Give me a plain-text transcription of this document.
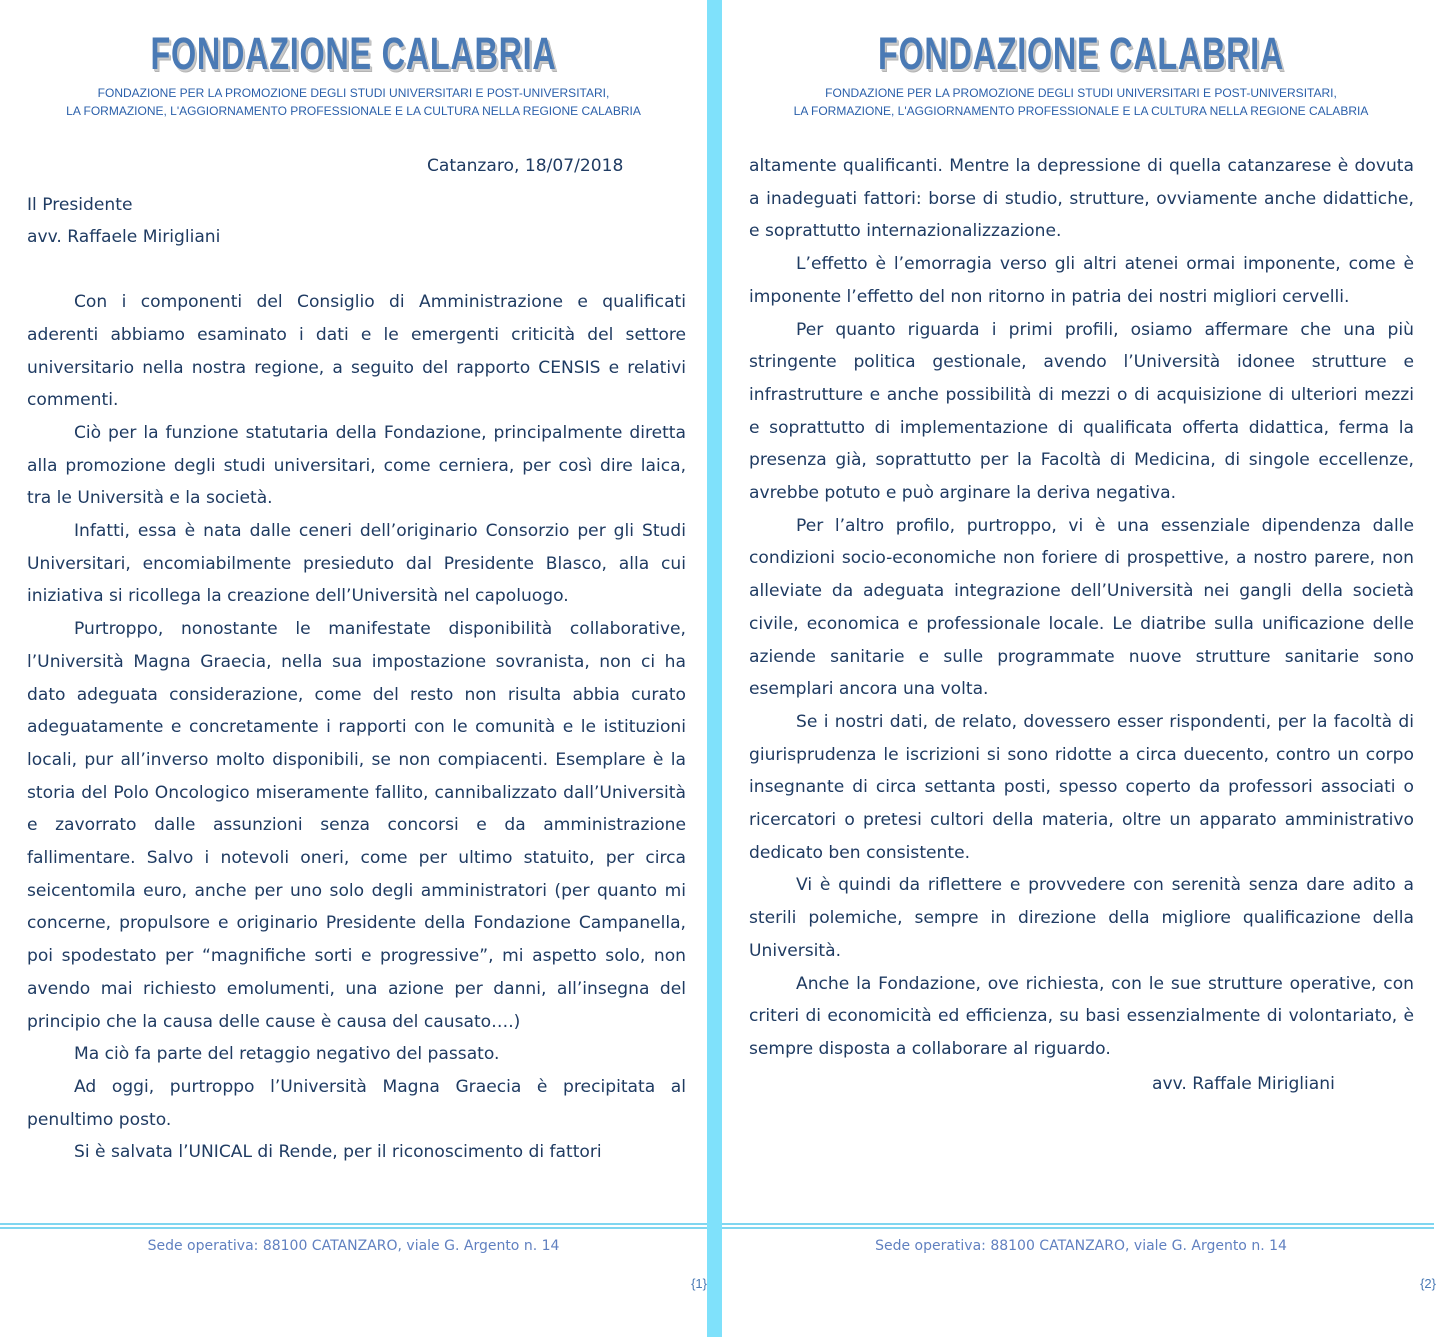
FONDAZIONE CALABRIA
FONDAZIONE PER LA PROMOZIONE DEGLI STUDI UNIVERSITARI E POST-UNIVERSITARI,
LA FORMAZIONE, L'AGGIORNAMENTO PROFESSIONALE E LA CULTURA NELLA REGIONE CALABRIA

Catanzaro, 18/07/2018

Il Presidente

avv. Raffaele Mirigliani

Con i componenti del Consiglio di Amministrazione e qualificati aderenti abbiamo esaminato i dati e le emergenti criticità del settore universitario nella nostra regione, a seguito del rapporto CENSIS e relativi commenti.

Ciò per la funzione statutaria della Fondazione, principalmente diretta alla promozione degli studi universitari, come cerniera, per così dire laica, tra le Università e la società.

Infatti, essa è nata dalle ceneri dell’originario Consorzio per gli Studi Universitari, encomiabilmente presieduto dal Presidente Blasco, alla cui iniziativa si ricollega la creazione dell’Università nel capoluogo.

Purtroppo, nonostante le manifestate disponibilità collaborative, l’Università Magna Graecia, nella sua impostazione sovranista, non ci ha dato adeguata considerazione, come del resto non risulta abbia curato adeguatamente e concretamente i rapporti con le comunità e le istituzioni locali, pur all’inverso molto disponibili, se non compiacenti. Esemplare è la storia del Polo Oncologico miseramente fallito, cannibalizzato dall’Università e zavorrato dalle assunzioni senza concorsi e da amministrazione fallimentare. Salvo i notevoli oneri, come per ultimo statuito, per circa seicentomila euro, anche per uno solo degli amministratori (per quanto mi concerne, propulsore e originario Presidente della Fondazione Campanella, poi spodestato per “magnifiche sorti e progressive”, mi aspetto solo, non avendo mai richiesto emolumenti, una azione per danni, all’insegna del principio che la causa delle cause è causa del causato….)

Ma ciò fa parte del retaggio negativo del passato.

Ad oggi, purtroppo l’Università Magna Graecia è precipitata al penultimo posto.

Si è salvata l’UNICAL di Rende, per il riconoscimento di fattori

Sede operativa: 88100 CATANZARO, viale G. Argento n. 14
{1}
FONDAZIONE CALABRIA
FONDAZIONE PER LA PROMOZIONE DEGLI STUDI UNIVERSITARI E POST-UNIVERSITARI,
LA FORMAZIONE, L'AGGIORNAMENTO PROFESSIONALE E LA CULTURA NELLA REGIONE CALABRIA

altamente qualificanti. Mentre la depressione di quella catanzarese è dovuta a inadeguati fattori: borse di studio, strutture, ovviamente anche didattiche, e soprattutto internazionalizzazione.

L’effetto è l’emorragia verso gli altri atenei ormai imponente, come è imponente l’effetto del non ritorno in patria dei nostri migliori cervelli.

Per quanto riguarda i primi profili, osiamo affermare che una più stringente politica gestionale, avendo l’Università idonee strutture e infrastrutture e anche possibilità di mezzi o di acquisizione di ulteriori mezzi e soprattutto di implementazione di qualificata offerta didattica, ferma la presenza già, soprattutto per la Facoltà di Medicina, di singole eccellenze, avrebbe potuto e può arginare la deriva negativa.

Per l’altro profilo, purtroppo, vi è una essenziale dipendenza dalle condizioni socio-economiche non foriere di prospettive, a nostro parere, non alleviate da adeguata integrazione dell’Università nei gangli della società civile, economica e professionale locale. Le diatribe sulla unificazione delle aziende sanitarie e sulle programmate nuove strutture sanitarie sono esemplari ancora una volta.

Se i nostri dati, de relato, dovessero esser rispondenti, per la facoltà di giurisprudenza le iscrizioni si sono ridotte a circa duecento, contro un corpo insegnante di circa settanta posti, spesso coperto da professori associati o ricercatori o pretesi cultori della materia, oltre un apparato amministrativo dedicato ben consistente.

Vi è quindi da riflettere e provvedere con serenità senza dare adito a sterili polemiche, sempre in direzione della migliore qualificazione della Università.

Anche la Fondazione, ove richiesta, con le sue strutture operative, con criteri di economicità ed efficienza, su basi essenzialmente di volontariato, è sempre disposta a collaborare al riguardo.

avv. Raffale Mirigliani

Sede operativa: 88100 CATANZARO, viale G. Argento n. 14
{2}
